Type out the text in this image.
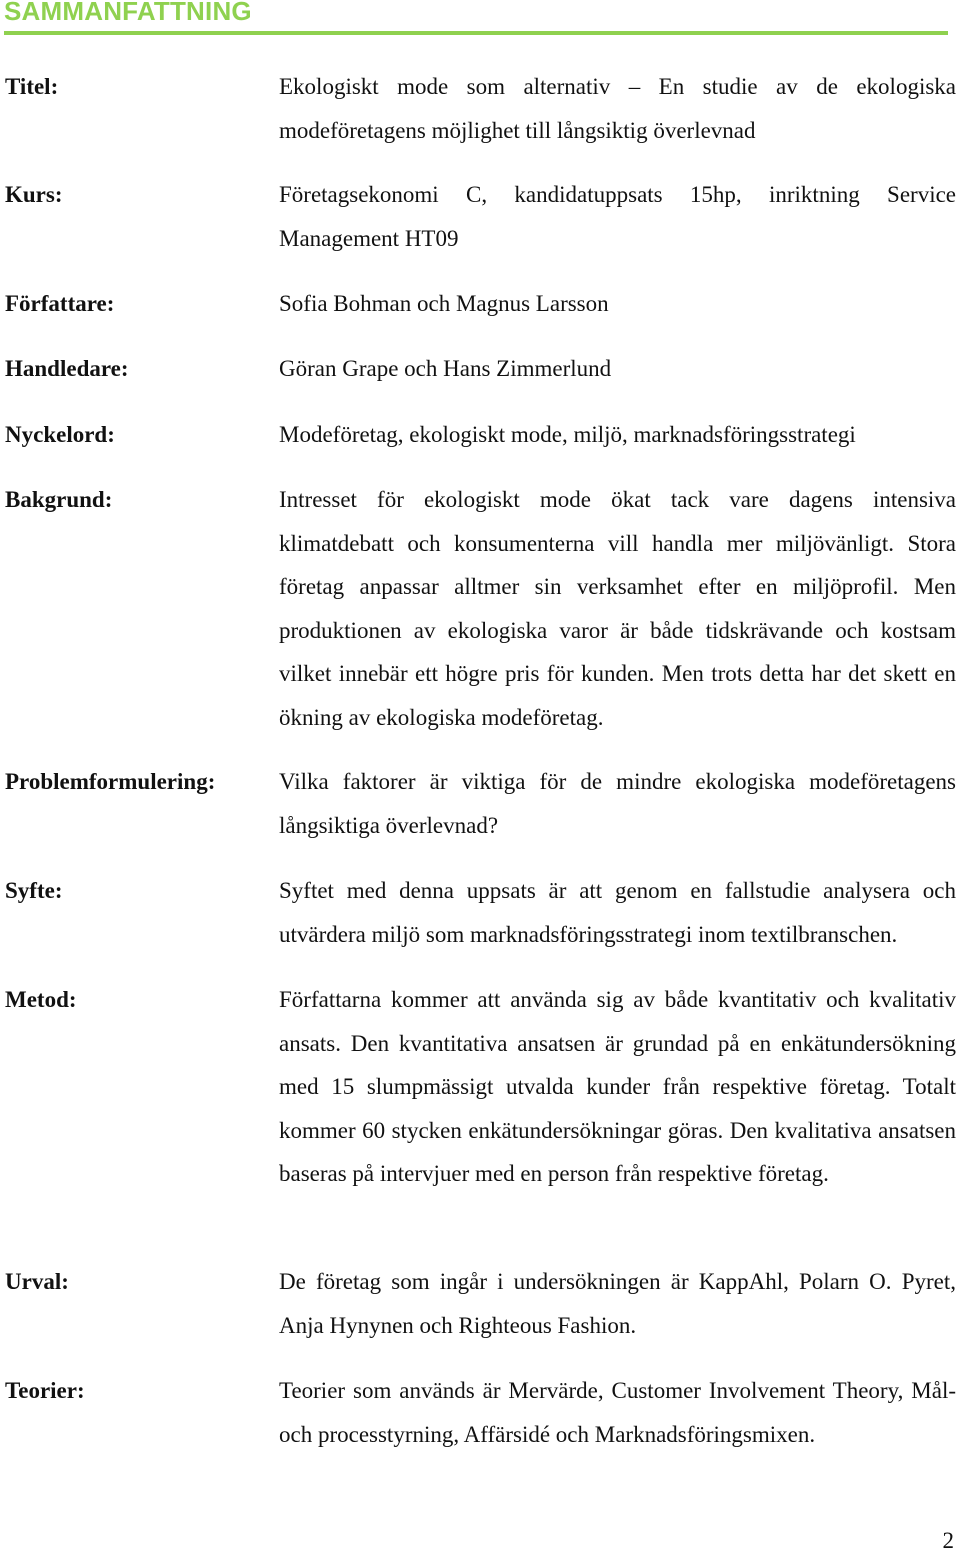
SAMMANFATTNING
Titel:	Ekologiskt mode som alternativ – En studie av de ekologiska modeföretagens möjlighet till långsiktig överlevnad
Kurs:	Företagsekonomi C, kandidatuppsats 15hp, inriktning Service Management HT09
Författare:	Sofia Bohman och Magnus Larsson
Handledare:	Göran Grape och Hans Zimmerlund
Nyckelord:	Modeföretag, ekologiskt mode, miljö, marknadsföringsstrategi
Bakgrund:	Intresset för ekologiskt mode ökat tack vare dagens intensiva klimatdebatt och konsumenterna vill handla mer miljövänligt. Stora företag anpassar alltmer sin verksamhet efter en miljöprofil. Men produktionen av ekologiska varor är både tidskrävande och kostsam vilket innebär ett högre pris för kunden. Men trots detta har det skett en ökning av ekologiska modeföretag.
Problemformulering:	Vilka faktorer är viktiga för de mindre ekologiska modeföretagens långsiktiga överlevnad?
Syfte:	Syftet med denna uppsats är att genom en fallstudie analysera och utvärdera miljö som marknadsföringsstrategi inom textilbranschen.
Metod:	Författarna kommer att använda sig av både kvantitativ och kvalitativ ansats. Den kvantitativa ansatsen är grundad på en enkätundersökning med 15 slumpmässigt utvalda kunder från respektive företag. Totalt kommer 60 stycken enkätundersökningar göras. Den kvalitativa ansatsen baseras på intervjuer med en person från respektive företag.
Urval:	De företag som ingår i undersökningen är KappAhl, Polarn O. Pyret, Anja Hynynen och Righteous Fashion.
Teorier:	Teorier som används är Mervärde, Customer Involvement Theory, Mål- och processtyrning, Affärsidé och Marknadsföringsmixen.
2
